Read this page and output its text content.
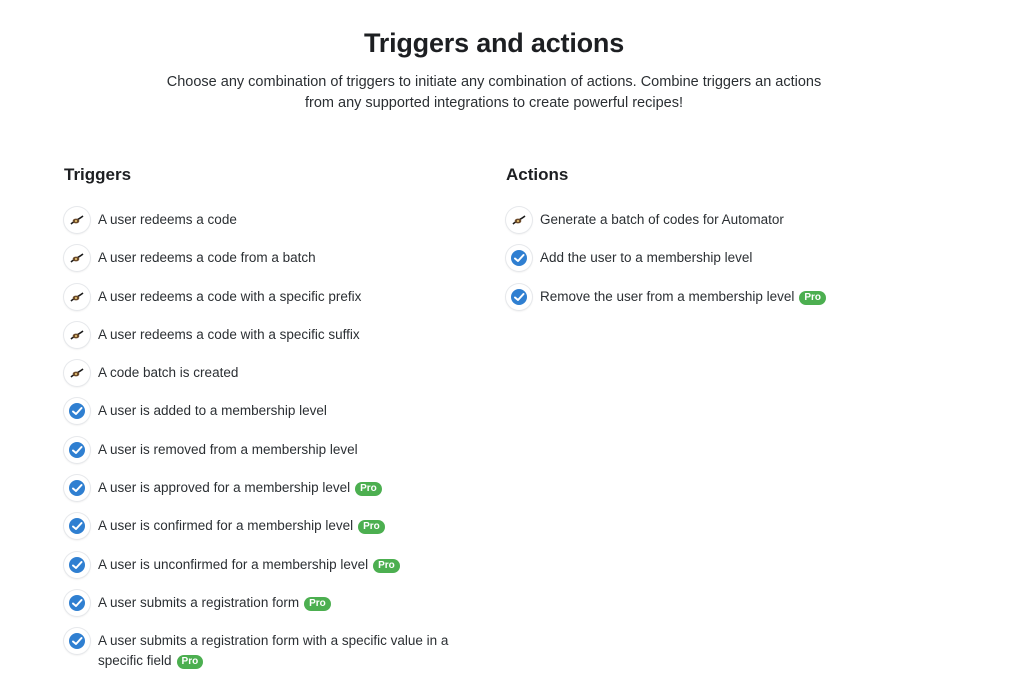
Triggers and actions
Choose any combination of triggers to initiate any combination of actions. Combine triggers an actions
from any supported integrations to create powerful recipes!
Triggers
A user redeems a code
A user redeems a code from a batch
A user redeems a code with a specific prefix
A user redeems a code with a specific suffix
A code batch is created
A user is added to a membership level
A user is removed from a membership level
A user is approved for a membership level Pro
A user is confirmed for a membership level Pro
A user is unconfirmed for a membership level Pro
A user submits a registration form Pro
A user submits a registration form with a specific value in a
specific field Pro
Actions
Generate a batch of codes for Automator
Add the user to a membership level
Remove the user from a membership level Pro
